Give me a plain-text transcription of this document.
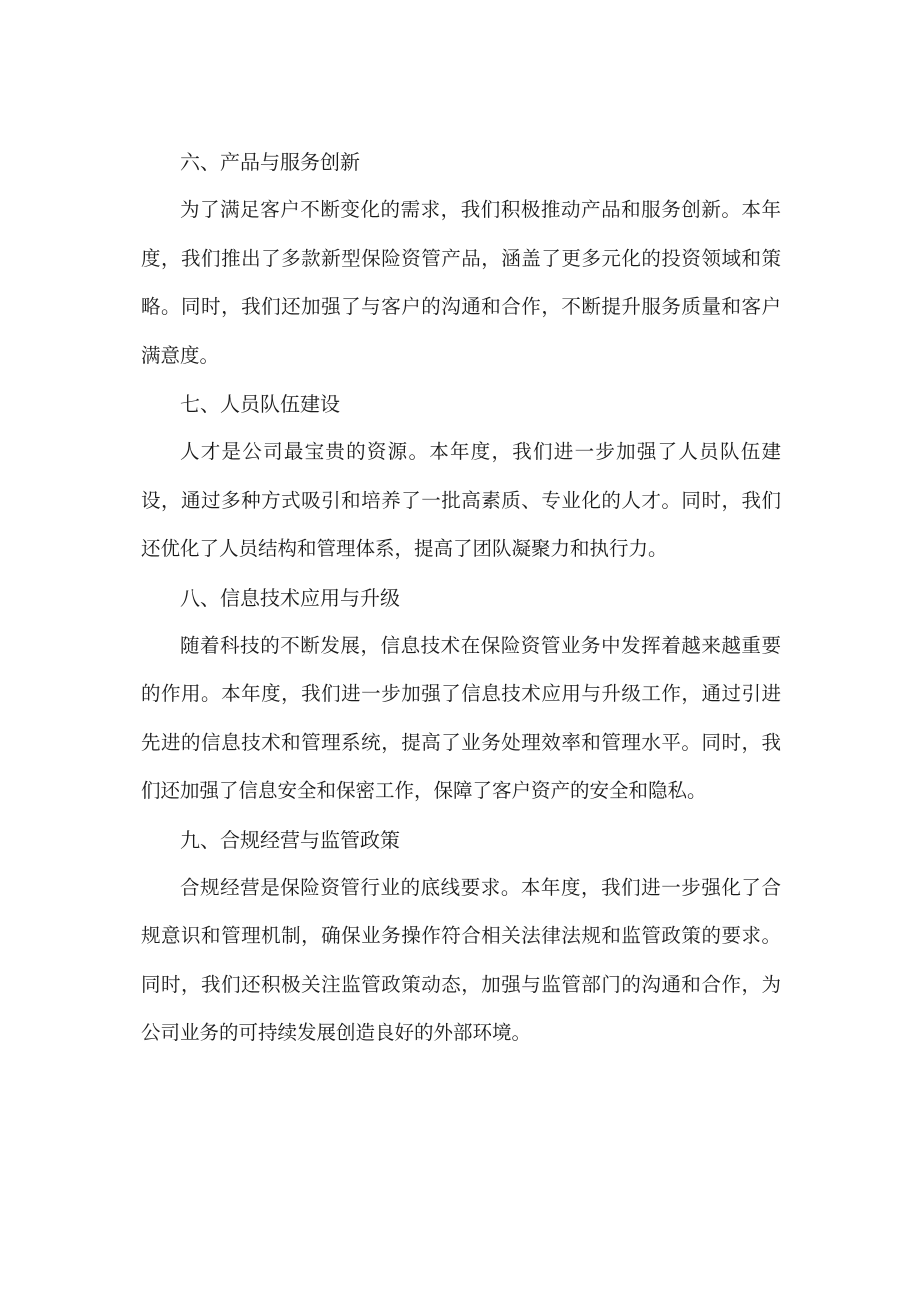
六、产品与服务创新

为了满足客户不断变化的需求，我们积极推动产品和服务创新。本年度，我们推出了多款新型保险资管产品，涵盖了更多元化的投资领域和策略。同时，我们还加强了与客户的沟通和合作，不断提升服务质量和客户满意度。

七、人员队伍建设

人才是公司最宝贵的资源。本年度，我们进一步加强了人员队伍建设，通过多种方式吸引和培养了一批高素质、专业化的人才。同时，我们还优化了人员结构和管理体系，提高了团队凝聚力和执行力。

八、信息技术应用与升级

随着科技的不断发展，信息技术在保险资管业务中发挥着越来越重要的作用。本年度，我们进一步加强了信息技术应用与升级工作，通过引进先进的信息技术和管理系统，提高了业务处理效率和管理水平。同时，我们还加强了信息安全和保密工作，保障了客户资产的安全和隐私。

九、合规经营与监管政策

合规经营是保险资管行业的底线要求。本年度，我们进一步强化了合规意识和管理机制，确保业务操作符合相关法律法规和监管政策的要求。同时，我们还积极关注监管政策动态，加强与监管部门的沟通和合作，为公司业务的可持续发展创造良好的外部环境。
